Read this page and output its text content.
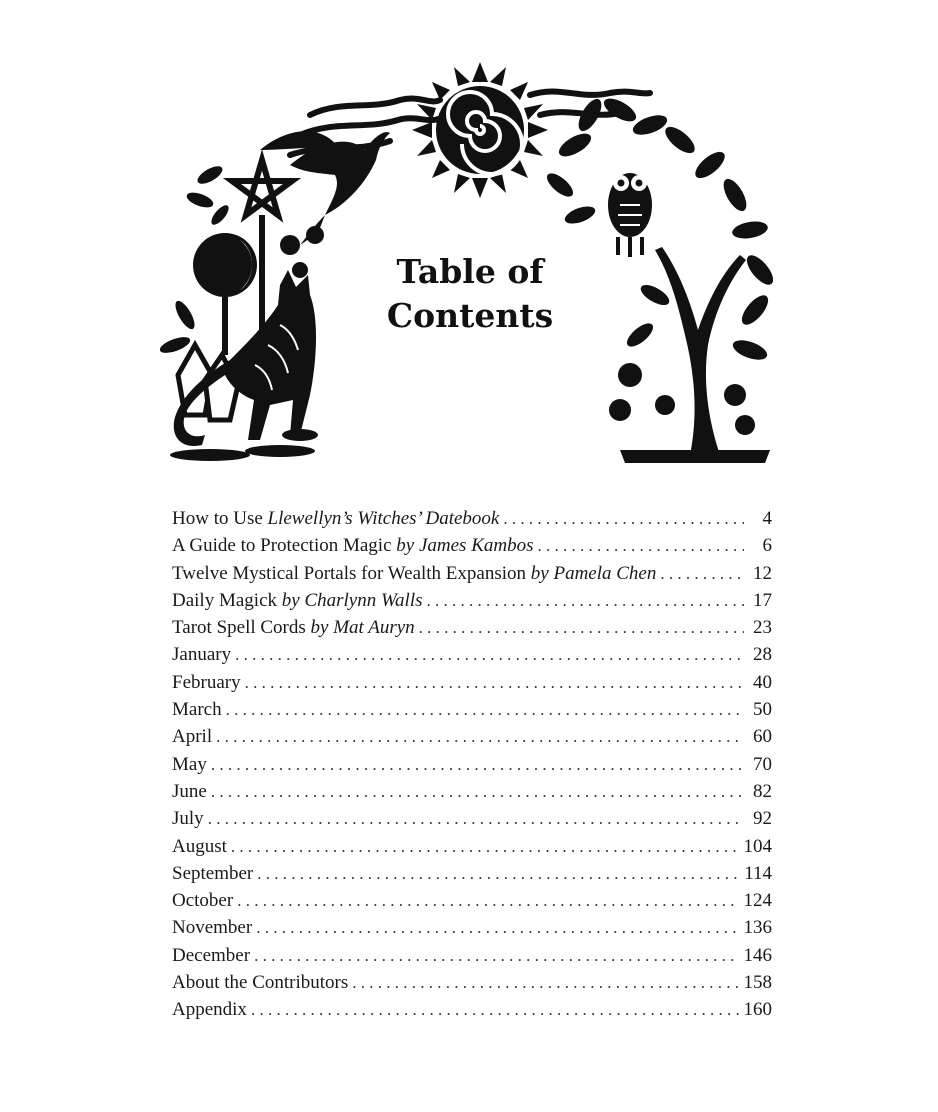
Table of
Contents
How to Use Llewellyn’s Witches’ Datebook . . .	4
A Guide to Protection Magic by James Kambos . . .	6
Twelve Mystical Portals for Wealth Expansion by Pamela Chen . . .	12
Daily Magick by Charlynn Walls . . .	17
Tarot Spell Cords by Mat Auryn . . .	23
January . . .	28
February . . .	40
March . . .	50
April . . .	60
May . . .	70
June . . .	82
July . . .	92
August . . .	104
September . . .	114
October . . .	124
November . . .	136
December . . .	146
About the Contributors . . .	158
Appendix . . .	160
